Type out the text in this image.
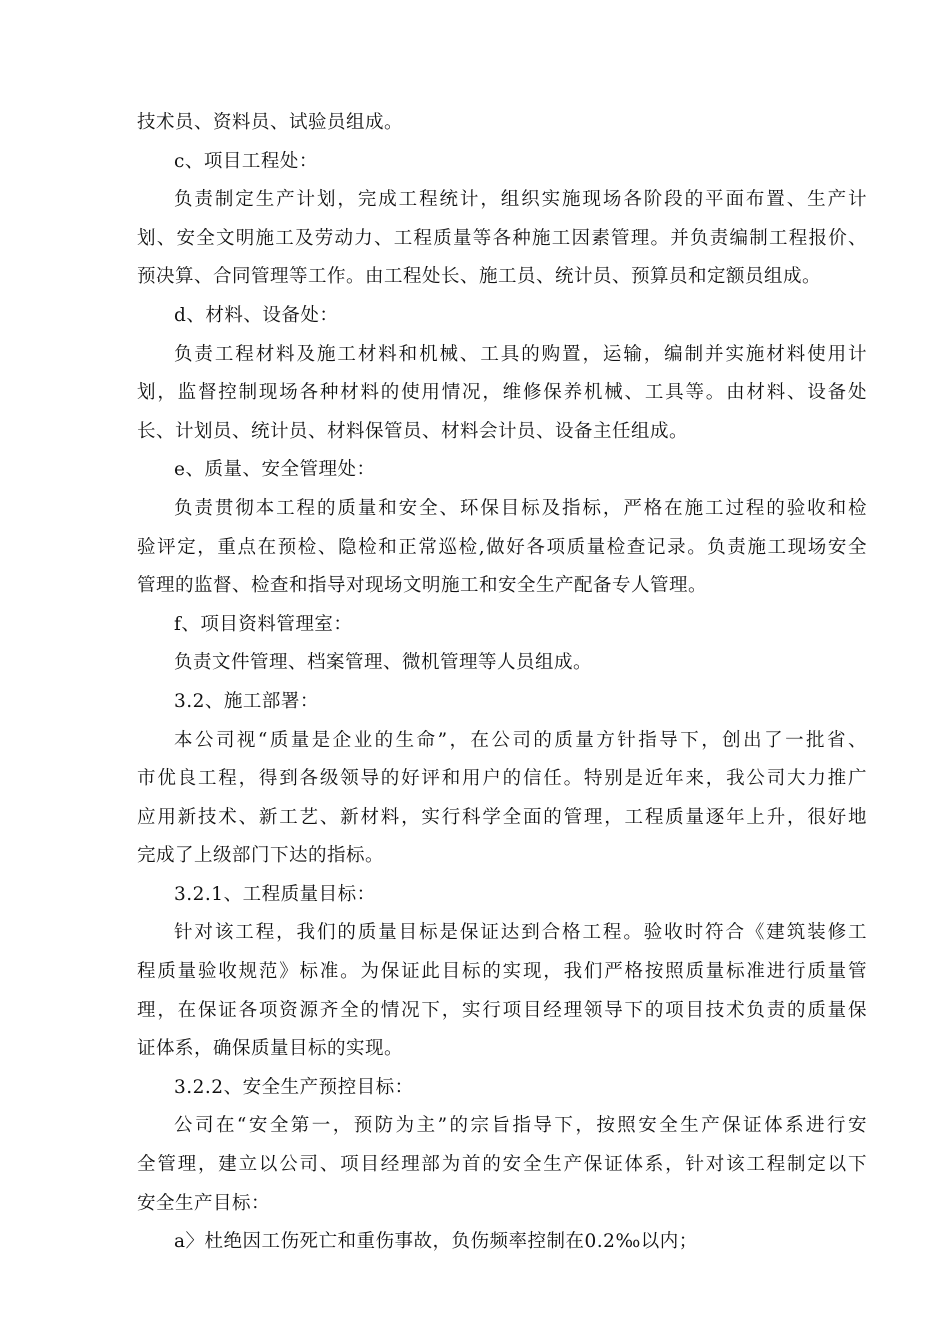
技术员、资料员、试验员组成。
c、项目工程处：
负责制定生产计划，完成工程统计，组织实施现场各阶段的平面布置、生产计
划、安全文明施工及劳动力、工程质量等各种施工因素管理。并负责编制工程报价、
预决算、合同管理等工作。由工程处长、施工员、统计员、预算员和定额员组成。
d、材料、设备处：
负责工程材料及施工材料和机械、工具的购置，运输，编制并实施材料使用计
划，监督控制现场各种材料的使用情况，维修保养机械、工具等。由材料、设备处
长、计划员、统计员、材料保管员、材料会计员、设备主任组成。
e、质量、安全管理处：
负责贯彻本工程的质量和安全、环保目标及指标，严格在施工过程的验收和检
验评定，重点在预检、隐检和正常巡检,做好各项质量检查记录。负责施工现场安全
管理的监督、检查和指导对现场文明施工和安全生产配备专人管理。
f、项目资料管理室：
负责文件管理、档案管理、微机管理等人员组成。
3.2、施工部署：
本公司视“质量是企业的生命”，在公司的质量方针指导下，创出了一批省、
市优良工程，得到各级领导的好评和用户的信任。特别是近年来，我公司大力推广
应用新技术、新工艺、新材料，实行科学全面的管理，工程质量逐年上升，很好地
完成了上级部门下达的指标。
3.2.1、工程质量目标：
针对该工程，我们的质量目标是保证达到合格工程。验收时符合《建筑装修工
程质量验收规范》标准。为保证此目标的实现，我们严格按照质量标准进行质量管
理，在保证各项资源齐全的情况下，实行项目经理领导下的项目技术负责的质量保
证体系，确保质量目标的实现。
3.2.2、安全生产预控目标：
公司在“安全第一，预防为主”的宗旨指导下，按照安全生产保证体系进行安
全管理，建立以公司、项目经理部为首的安全生产保证体系，针对该工程制定以下
安全生产目标：
a〉杜绝因工伤死亡和重伤事故，负伤频率控制在0.2‰以内；
